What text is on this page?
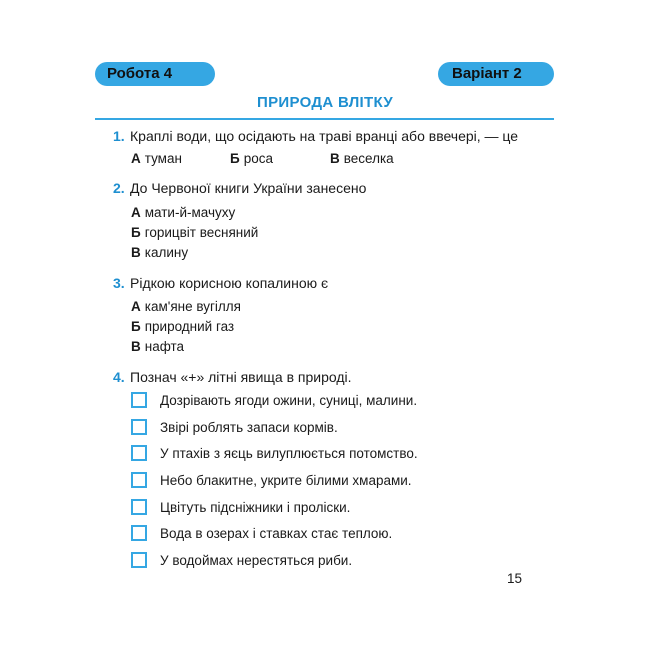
Робота 4	Варіант 2
ПРИРОДА ВЛІТКУ
1. Краплі води, що осідають на траві вранці або ввечері, — це
А туман	Б роса	В веселка
2. До Червоної книги України занесено
А мати-й-мачуху
Б горицвіт весняний
В калину
3. Рідкою корисною копалиною є
А кам'яне вугілля
Б природний газ
В нафта
4. Познач «+» літні явища в природі.
Дозрівають ягоди ожини, суниці, малини.
Звірі роблять запаси кормів.
У птахів з яєць вилуплюється потомство.
Небо блакитне, укрите білими хмарами.
Цвітуть підсніжники і проліски.
Вода в озерах і ставках стає теплою.
У водоймах нерестяться риби.
15
